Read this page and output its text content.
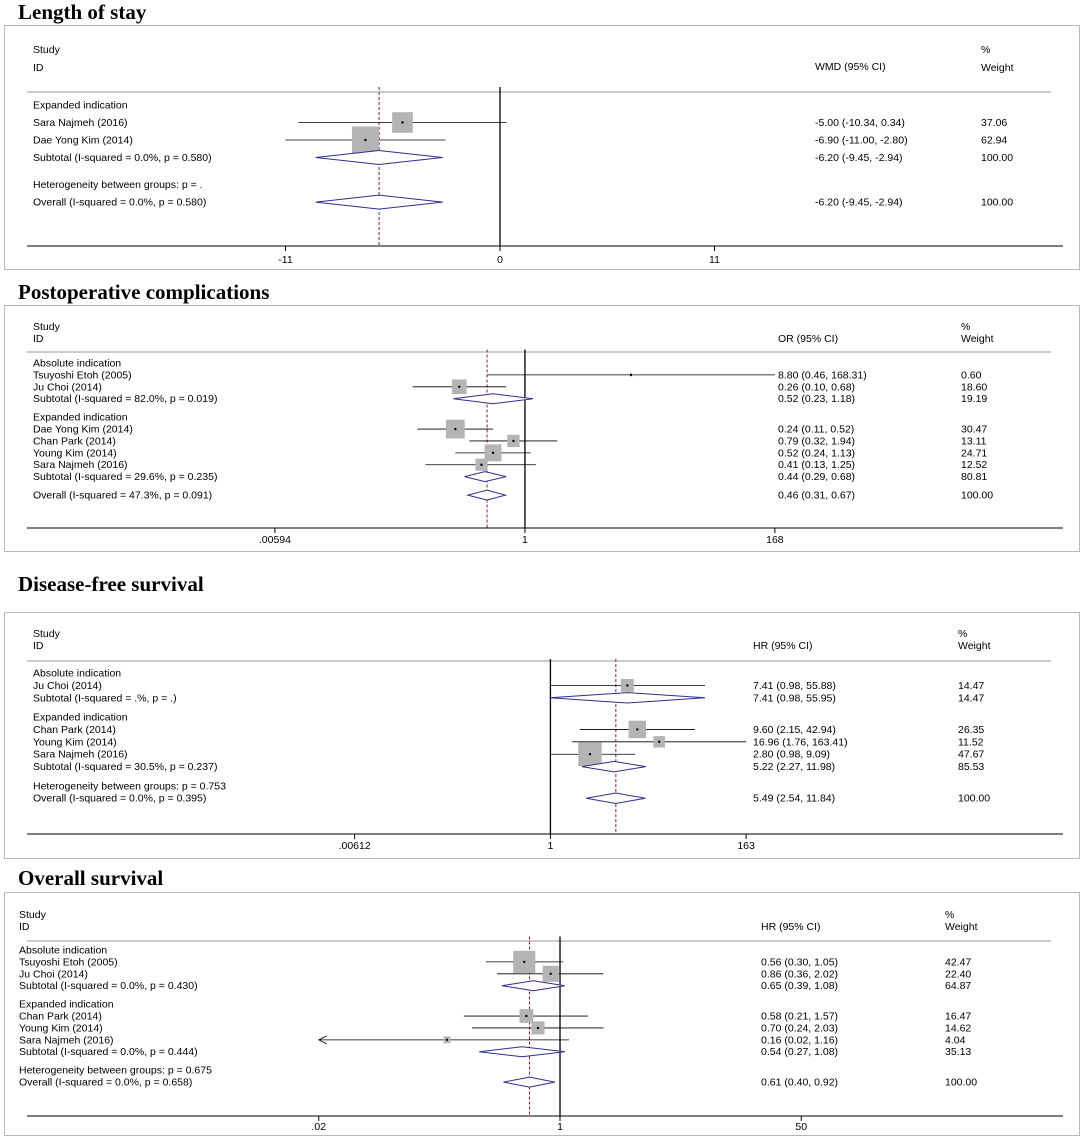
Length of stay
Study
ID	WMD (95% CI)
%
Weight
Expanded indication
Sara Najmeh (2016)	-5.00 (-10.34, 0.34)	37.06
Dae Yong Kim (2014)	-6.90 (-11.00, -2.80)	62.94
Subtotal (I-squared = 0.0%, p = 0.580)	-6.20 (-9.45, -2.94)	100.00
Heterogeneity between groups: p = .
Overall (I-squared = 0.0%, p = 0.580)	-6.20 (-9.45, -2.94)	100.00
-11	0	11
Postoperative complications
Study
ID	OR (95% CI)
%
Weight
Absolute indication
Tsuyoshi Etoh (2005)	8.80 (0.46, 168.31)	0.60
Ju Choi (2014)	0.26 (0.10, 0.68)	18.60
Subtotal (I-squared = 82.0%, p = 0.019)	0.52 (0.23, 1.18)	19.19
Expanded indication
Dae Yong Kim (2014)	0.24 (0.11, 0.52)	30.47
Chan Park (2014)	0.79 (0.32, 1.94)	13.11
Young Kim (2014)	0.52 (0.24, 1.13)	24.71
Sara Najmeh (2016)	0.41 (0.13, 1.25)	12.52
Subtotal (I-squared = 29.6%, p = 0.235)	0.44 (0.29, 0.68)	80.81
Overall (I-squared = 47.3%, p = 0.091)	0.46 (0.31, 0.67)	100.00
.00594	1	168
Disease-free survival
Study
ID	HR (95% CI)
%
Weight
Absolute indication
Ju Choi (2014)	7.41 (0.98, 55.88)	14.47
Subtotal (I-squared = .%, p = .)	7.41 (0.98, 55.95)	14.47
Expanded indication
Chan Park (2014)	9.60 (2.15, 42.94)	26.35
Young Kim (2014)	16.96 (1.76, 163.41)	11.52
Sara Najmeh (2016)	2.80 (0.98, 9.09)	47.67
Subtotal (I-squared = 30.5%, p = 0.237)	5.22 (2.27, 11.98)	85.53
Heterogeneity between groups: p = 0.753
Overall (I-squared = 0.0%, p = 0.395)	5.49 (2.54, 11.84)	100.00
.00612	1	163
Overall survival
Study
ID	HR (95% CI)
%
Weight
Absolute indication
Tsuyoshi Etoh (2005)	0.56 (0.30, 1.05)	42.47
Ju Choi (2014)	0.86 (0.36, 2.02)	22.40
Subtotal (I-squared = 0.0%, p = 0.430)	0.65 (0.39, 1.08)	64.87
Expanded indication
Chan Park (2014)	0.58 (0.21, 1.57)	16.47
Young Kim (2014)	0.70 (0.24, 2.03)	14.62
Sara Najmeh (2016)	0.16 (0.02, 1.16)	4.04
Subtotal (I-squared = 0.0%, p = 0.444)	0.54 (0.27, 1.08)	35.13
Heterogeneity between groups: p = 0.675
Overall (I-squared = 0.0%, p = 0.658)	0.61 (0.40, 0.92)	100.00
.02	1	50
